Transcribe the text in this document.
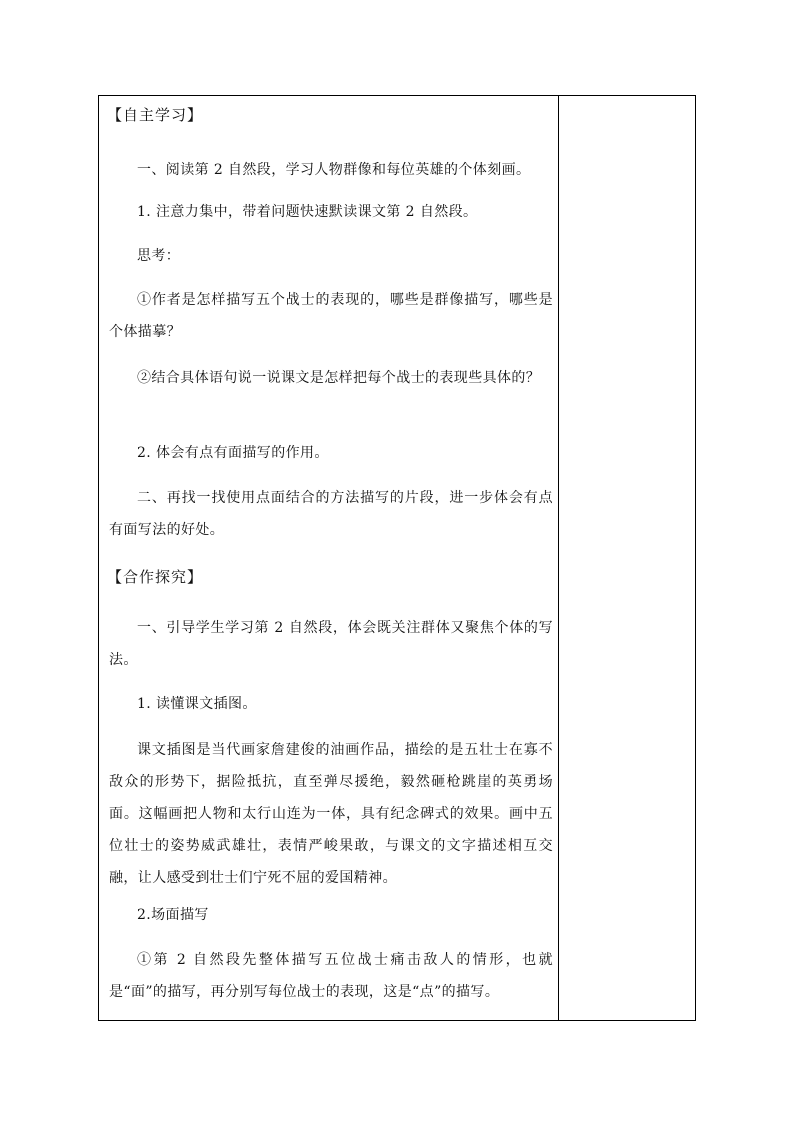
【自主学习】
一、阅读第 2 自然段，学习人物群像和每位英雄的个体刻画。
1. 注意力集中，带着问题快速默读课文第 2 自然段。
思考：
①作者是怎样描写五个战士的表现的，哪些是群像描写，哪些是个体描摹？
②结合具体语句说一说课文是怎样把每个战士的表现些具体的？
2. 体会有点有面描写的作用。
二、再找一找使用点面结合的方法描写的片段，进一步体会有点有面写法的好处。
【合作探究】
一、引导学生学习第 2 自然段，体会既关注群体又聚焦个体的写法。
1. 读懂课文插图。
课文插图是当代画家詹建俊的油画作品，描绘的是五壮士在寡不敌众的形势下，据险抵抗，直至弹尽援绝，毅然砸枪跳崖的英勇场面。这幅画把人物和太行山连为一体，具有纪念碑式的效果。画中五位壮士的姿势威武雄壮，表情严峻果敢，与课文的文字描述相互交融，让人感受到壮士们宁死不屈的爱国精神。
2.场面描写
①第 2 自然段先整体描写五位战士痛击敌人的情形，也就是“面”的描写，再分别写每位战士的表现，这是“点”的描写。
